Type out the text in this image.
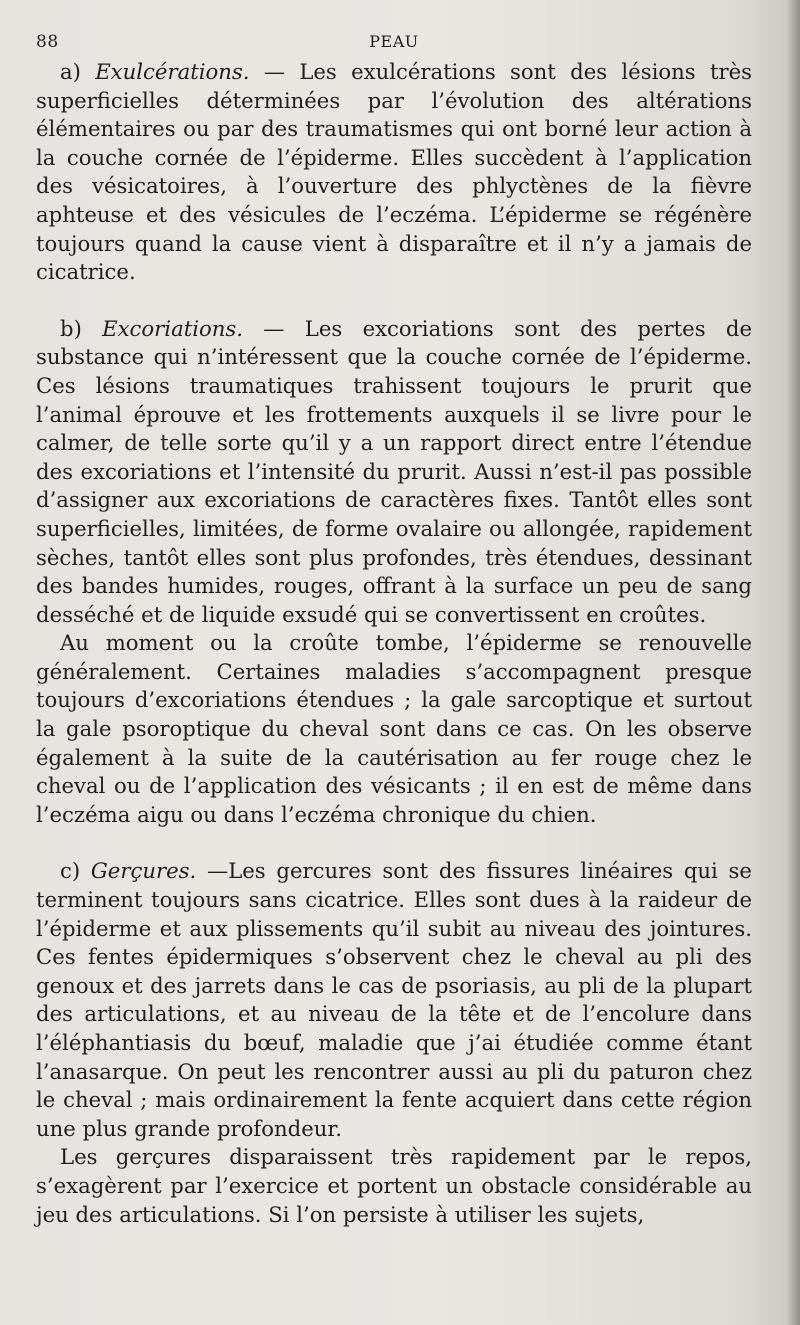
88	PEAU

a) Exulcérations. — Les exulcérations sont des lésions très superficielles déterminées par l’évolution des altérations élémentaires ou par des traumatismes qui ont borné leur action à la couche cornée de l’épiderme. Elles succèdent à l’application des vésicatoires, à l’ouverture des phlyctènes de la fièvre aphteuse et des vésicules de l’eczéma. L’épiderme se régénère toujours quand la cause vient à disparaître et il n’y a jamais de cicatrice.

b) Excoriations. — Les excoriations sont des pertes de substance qui n’intéressent que la couche cornée de l’épiderme. Ces lésions traumatiques trahissent toujours le prurit que l’animal éprouve et les frottements auxquels il se livre pour le calmer, de telle sorte qu’il y a un rapport direct entre l’étendue des excoriations et l’intensité du prurit. Aussi n’est-il pas possible d’assigner aux excoriations de caractères fixes. Tantôt elles sont superficielles, limitées, de forme ovalaire ou allongée, rapidement sèches, tantôt elles sont plus profondes, très étendues, dessinant des bandes humides, rouges, offrant à la surface un peu de sang desséché et de liquide exsudé qui se convertissent en croûtes.

Au moment ou la croûte tombe, l’épiderme se renouvelle généralement. Certaines maladies s’accompagnent presque toujours d’excoriations étendues ; la gale sarcoptique et surtout la gale psoroptique du cheval sont dans ce cas. On les observe également à la suite de la cautérisation au fer rouge chez le cheval ou de l’application des vésicants ; il en est de même dans l’eczéma aigu ou dans l’eczéma chronique du chien.

c) Gerçures. —Les gercures sont des fissures linéaires qui se terminent toujours sans cicatrice. Elles sont dues à la raideur de l’épiderme et aux plissements qu’il subit au niveau des jointures. Ces fentes épidermiques s’observent chez le cheval au pli des genoux et des jarrets dans le cas de psoriasis, au pli de la plupart des articulations, et au niveau de la tête et de l’encolure dans l’éléphantiasis du bœuf, maladie que j’ai étudiée comme étant l’anasarque. On peut les rencontrer aussi au pli du paturon chez le cheval ; mais ordinairement la fente acquiert dans cette région une plus grande profondeur.

Les gerçures disparaissent très rapidement par le repos, s’exagèrent par l’exercice et portent un obstacle considérable au jeu des articulations. Si l’on persiste à utiliser les sujets,
